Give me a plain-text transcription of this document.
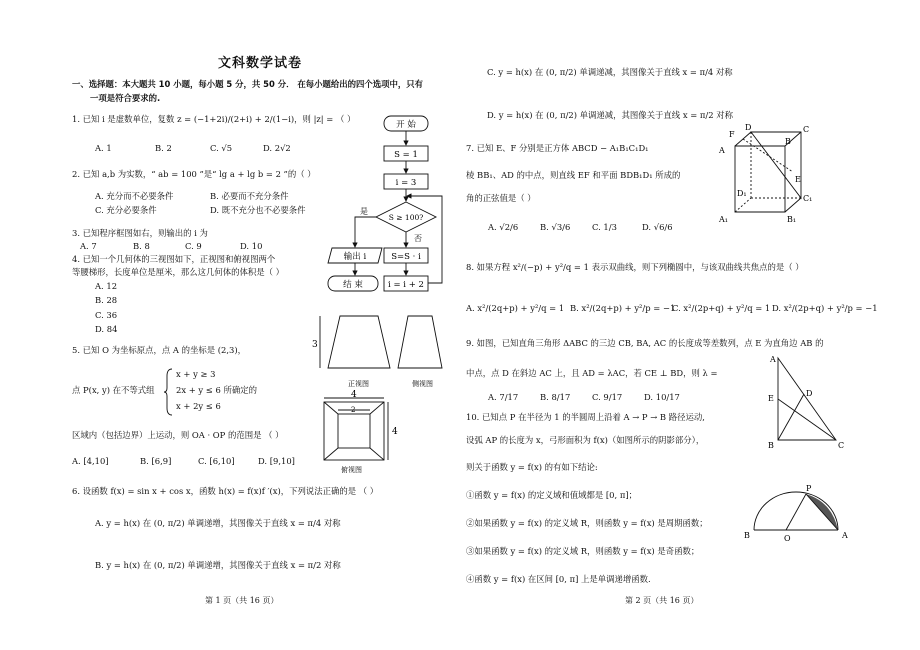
文科数学试卷
一、选择题：本大题共 10 小题，每小题 5 分，共 50 分． 在每小题给出的四个选项中，只有
一项是符合要求的.
1. 已知 i 是虚数单位，复数 z = (−1+2i)/(2+i) + 2/(1−i)，则 |z| = （ ）
A. 1	B. 2	C. √5	D. 2√2
2. 已知 a,b 为实数，“ ab = 100 ”是“ lg a + lg b = 2 ”的（ ）
A. 充分而不必要条件	B. 必要而不充分条件
C. 充分必要条件	D. 既不充分也不必要条件
3. 已知程序框图如右，则输出的 i 为
A. 7	B. 8	C. 9	D. 10
4. 已知一个几何体的三视图如下，正视图和俯视图两个
等腰梯形，长度单位是厘米，那么这几何体的体积是（ ）
A. 12
B. 28
C. 36
D. 84
5. 已知 O 为坐标原点，点 A 的坐标是 (2,3)，
点 P(x, y) 在不等式组
x + y ≥ 3
2x + y ≤ 6 所确定的
x + 2y ≤ 6
区域内（包括边界）上运动，则 OA · OP 的范围是 （ ）
A. [4,10]	B. [6,9]	C. [6,10]	D. [9,10]
6. 设函数 f(x) = sin x + cos x，函数 h(x) = f(x)f ′(x)，下列说法正确的是 （ ）
A. y = h(x) 在 (0, π/2) 单调递增，其图像关于直线 x = π/4 对称
B. y = h(x) 在 (0, π/2) 单调递增，其图像关于直线 x = π/2 对称
开 始
S = 1
i = 3
S ≥ 100?
是
否
输出 i	S=S · i
i = i + 2
结 束
3
正视图	侧视图
4
4
2
俯视图
第 1 页（共 16 页）
C. y = h(x) 在 (0, π/2) 单调递减，其图像关于直线 x = π/4 对称
D. y = h(x) 在 (0, π/2) 单调递减，其图像关于直线 x = π/2 对称
7. 已知 E、F 分别是正方体 ABCD − A₁B₁C₁D₁
棱 BB₁、AD 的中点，则直线 EF 和平面 BDB₁D₁ 所成的
角的正弦值是（ ）
A. √2/6	B. √3/6	C. 1/3	D. √6/6
A
B
C
D
F
E
D₁
C₁
A₁	B₁
8. 如果方程 x²/(−p) + y²/q = 1 表示双曲线，则下列椭圆中，与该双曲线共焦点的是（ ）
A. x²/(2q+p) + y²/q = 1 B. x²/(2q+p) + y²/p = −1
C. x²/(2p+q) + y²/q = 1 D. x²/(2p+q) + y²/p = −1
9. 如图，已知直角三角形 ΔABC 的三边 CB, BA, AC 的长度成等差数列，点 E 为直角边 AB 的
中点，点 D 在斜边 AC 上，且 AD = λAC，若 CE ⊥ BD，则 λ =
A. 7/17	B. 8/17	C. 9/17	D. 10/17
A
E
D
B	C
10. 已知点 P 在半径为 1 的半圆周上沿着 A → P → B 路径运动,
设弧 AP 的长度为 x，弓形面积为 f(x)（如图所示的阴影部分），
则关于函数 y = f(x) 的有如下结论:
①函数 y = f(x) 的定义域和值域都是 [0, π]；
②如果函数 y = f(x) 的定义域 R，则函数 y = f(x) 是周期函数；
③如果函数 y = f(x) 的定义域 R，则函数 y = f(x) 是奇函数；
④函数 y = f(x) 在区间 [0, π] 上是单调递增函数.
B	O
P
A
第 2 页（共 16 页）
